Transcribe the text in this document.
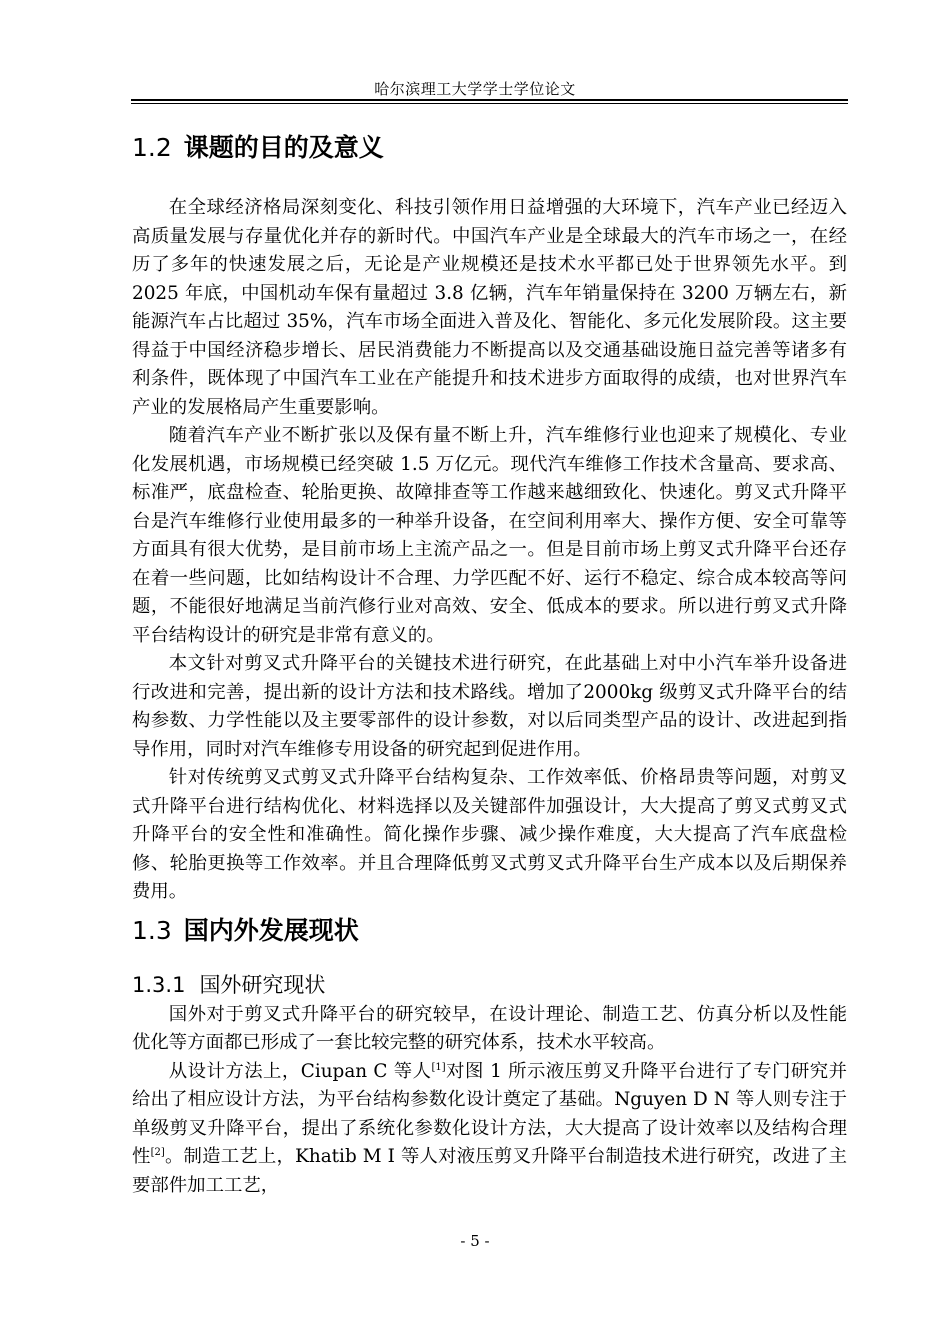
哈尔滨理工大学学士学位论文
1.2 课题的目的及意义

在全球经济格局深刻变化、科技引领作用日益增强的大环境下，汽车产业已经迈入高质量发展与存量优化并存的新时代。中国汽车产业是全球最大的汽车市场之一，在经历了多年的快速发展之后，无论是产业规模还是技术水平都已处于世界领先水平。到 2025 年底，中国机动车保有量超过 3.8 亿辆，汽车年销量保持在 3200 万辆左右，新能源汽车占比超过 35%，汽车市场全面进入普及化、智能化、多元化发展阶段。这主要得益于中国经济稳步增长、居民消费能力不断提高以及交通基础设施日益完善等诸多有利条件，既体现了中国汽车工业在产能提升和技术进步方面取得的成绩，也对世界汽车产业的发展格局产生重要影响。

随着汽车产业不断扩张以及保有量不断上升，汽车维修行业也迎来了规模化、专业化发展机遇，市场规模已经突破 1.5 万亿元。现代汽车维修工作技术含量高、要求高、标准严，底盘检查、轮胎更换、故障排查等工作越来越细致化、快速化。剪叉式升降平台是汽车维修行业使用最多的一种举升设备，在空间利用率大、操作方便、安全可靠等方面具有很大优势，是目前市场上主流产品之一。但是目前市场上剪叉式升降平台还存在着一些问题，比如结构设计不合理、力学匹配不好、运行不稳定、综合成本较高等问题，不能很好地满足当前汽修行业对高效、安全、低成本的要求。所以进行剪叉式升降平台结构设计的研究是非常有意义的。

本文针对剪叉式升降平台的关键技术进行研究，在此基础上对中小汽车举升设备进行改进和完善，提出新的设计方法和技术路线。增加了2000kg 级剪叉式升降平台的结构参数、力学性能以及主要零部件的设计参数，对以后同类型产品的设计、改进起到指导作用，同时对汽车维修专用设备的研究起到促进作用。

针对传统剪叉式剪叉式升降平台结构复杂、工作效率低、价格昂贵等问题，对剪叉式升降平台进行结构优化、材料选择以及关键部件加强设计，大大提高了剪叉式剪叉式升降平台的安全性和准确性。简化操作步骤、减少操作难度，大大提高了汽车底盘检修、轮胎更换等工作效率。并且合理降低剪叉式剪叉式升降平台生产成本以及后期保养费用。

1.3 国内外发展现状
1.3.1 国外研究现状

国外对于剪叉式升降平台的研究较早，在设计理论、制造工艺、仿真分析以及性能优化等方面都已形成了一套比较完整的研究体系，技术水平较高。

从设计方法上，Ciupan C 等人[1]对图 1 所示液压剪叉升降平台进行了专门研究并给出了相应设计方法，为平台结构参数化设计奠定了基础。Nguyen D N 等人则专注于单级剪叉升降平台，提出了系统化参数化设计方法，大大提高了设计效率以及结构合理性[2]。制造工艺上，Khatib M I 等人对液压剪叉升降平台制造技术进行研究，改进了主要部件加工工艺，

- 5 -
